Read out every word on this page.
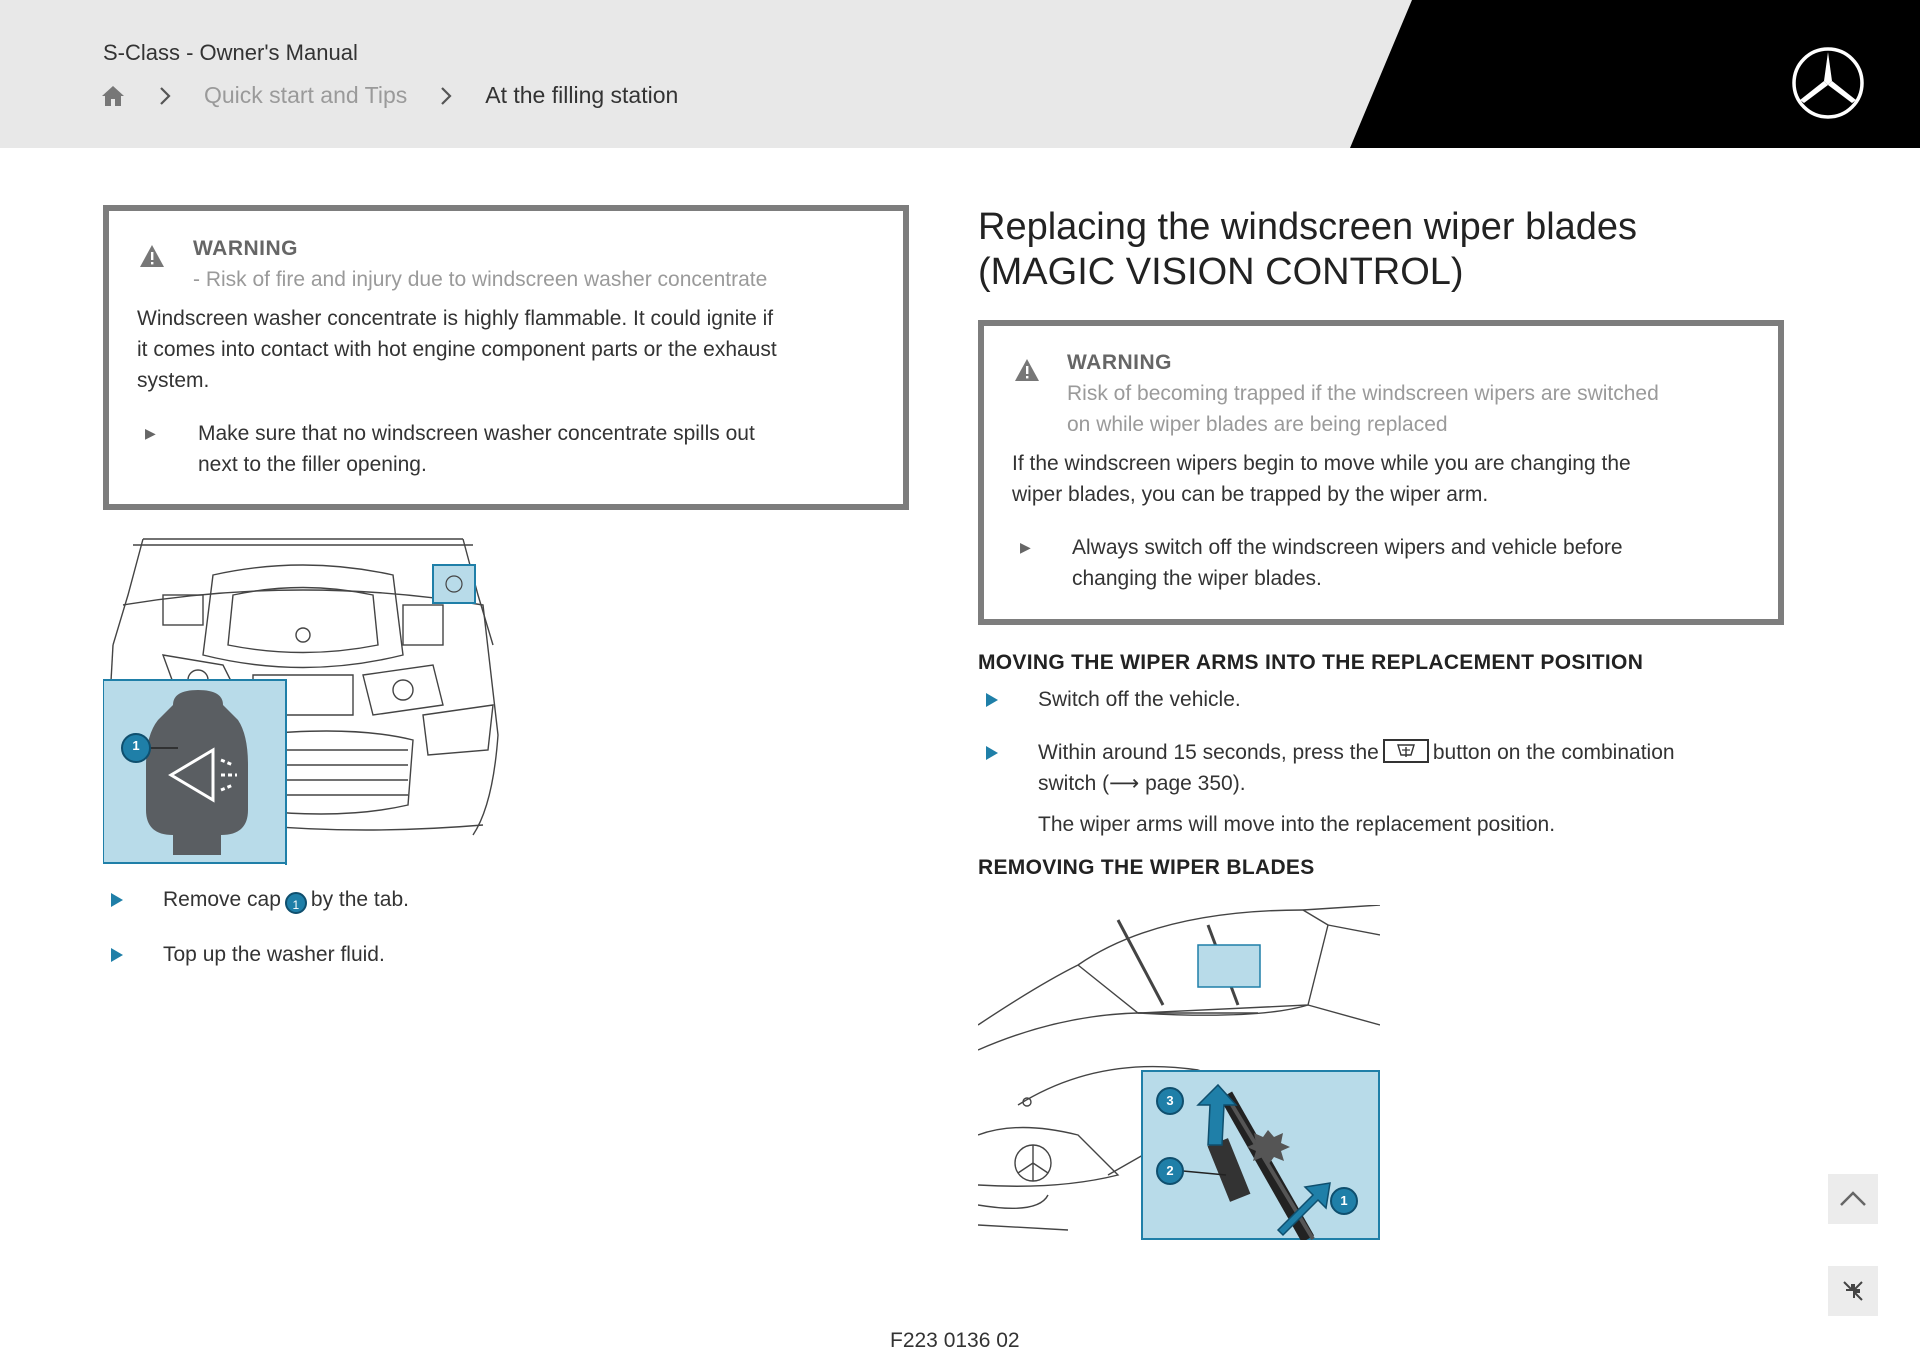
S-Class - Owner's Manual
Quick start and Tips	At the filling station
WARNING
- Risk of fire and injury due to windscreen washer concentrate
Windscreen washer concentrate is highly flammable. It could ignite if
it comes into contact with hot engine component parts or the exhaust
system.
▶ Make sure that no windscreen washer concentrate spills out
next to the filler opening.
1
Remove cap 1 by the tab.
Top up the washer fluid.
Replacing the windscreen wiper blades
(MAGIC VISION CONTROL)
WARNING
Risk of becoming trapped if the windscreen wipers are switched
on while wiper blades are being replaced
If the windscreen wipers begin to move while you are changing the
wiper blades, you can be trapped by the wiper arm.
▶ Always switch off the windscreen wipers and vehicle before
changing the wiper blades.
MOVING THE WIPER ARMS INTO THE REPLACEMENT POSITION
Switch off the vehicle.
Within around 15 seconds, press the	button on the combination
switch (⟶ page 350).
The wiper arms will move into the replacement position.
REMOVING THE WIPER BLADES
3
2
1
F223 0136 02
